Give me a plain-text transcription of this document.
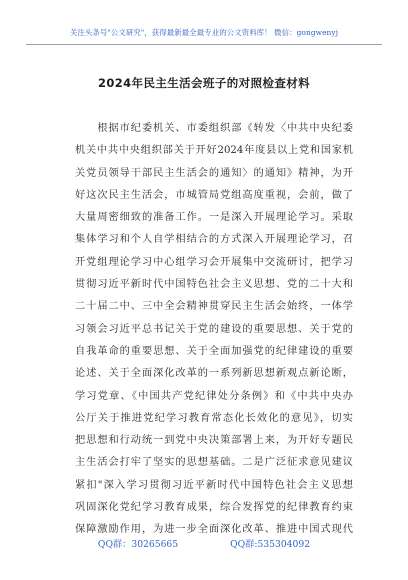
关注头条号"公文研究"，获得最新最全最专业的公文资料库！ 微信：gongwenyj
2024年民主生活会班子的对照检查材料
　　根据市纪委机关、市委组织部《转发〈中共中央纪委
机关中共中央组织部关于开好2024年度县以上党和国家机
关党员领导干部民主生活会的通知〉的通知》精神，为开
好这次民主生活会，市城管局党组高度重视，会前，做了
大量周密细致的准备工作。一是深入开展理论学习。采取
集体学习和个人自学相结合的方式深入开展理论学习，召
开党组理论学习中心组学习会开展集中交流研讨，把学习
贯彻习近平新时代中国特色社会主义思想、党的二十大和
二十届二中、三中全会精神贯穿民主生活会始终，一体学
习领会习近平总书记关于党的建设的重要思想、关于党的
自我革命的重要思想、关于全面加强党的纪律建设的重要
论述、关于全面深化改革的一系列新思想新观点新论断，
学习党章、《中国共产党纪律处分条例》和《中共中央办
公厅关于推进党纪学习教育常态化长效化的意见》，切实
把思想和行动统一到党中央决策部署上来，为开好专题民
主生活会打牢了坚实的思想基础。二是广泛征求意见建议
紧扣"深入学习贯彻习近平新时代中国特色社会主义思想
巩固深化党纪学习教育成果，综合发挥党的纪律教育约束
保障激励作用，为进一步全面深化改革、推进中国式现代
QQ群：30265665	QQ群:535304092
